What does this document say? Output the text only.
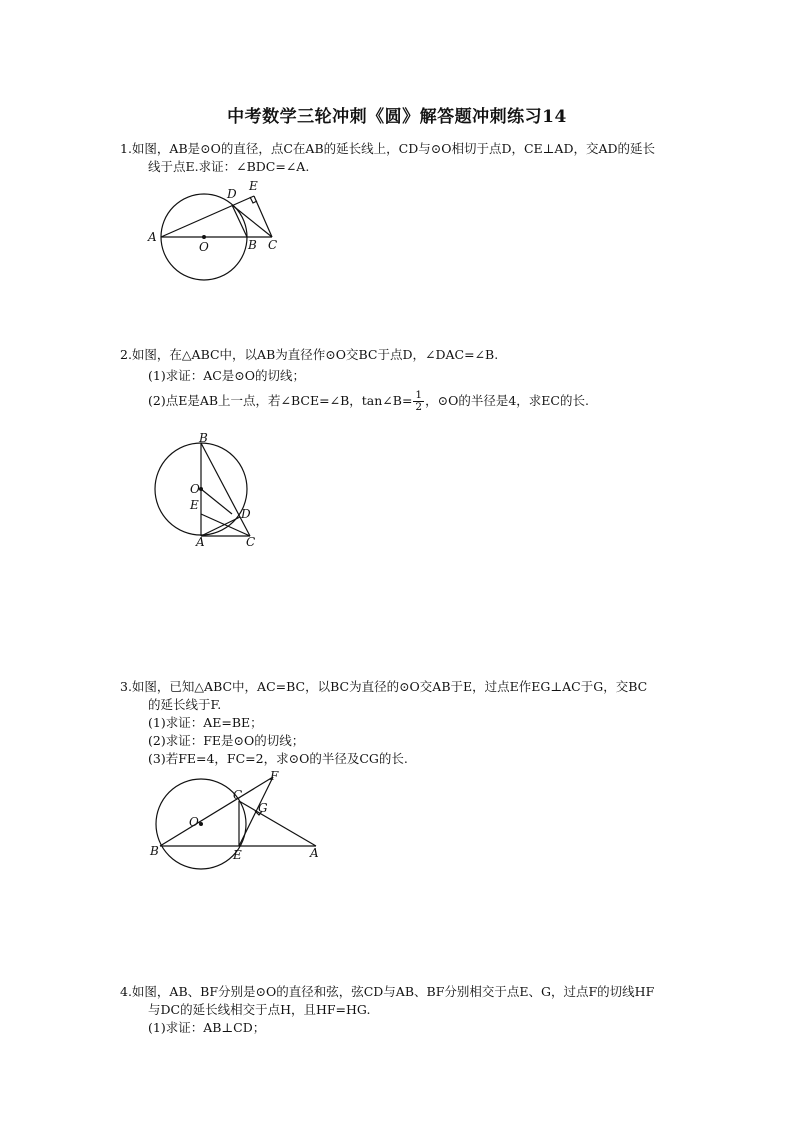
中考数学三轮冲刺《圆》解答题冲刺练习14
1.如图，AB是⊙O的直径，点C在AB的延长线上，CD与⊙O相切于点D，CE⊥AD，交AD的延长
线于点E.求证：∠BDC=∠A.
A
O	B C
D
E
2.如图，在△ABC中，以AB为直径作⊙O交BC于点D，∠DAC=∠B.
(1)求证：AC是⊙O的切线；
(2)点E是AB上一点，若∠BCE=∠B，tan∠B= $\frac{1}{2}$ ，⊙O的半径是4，求EC的长.
B
O
E
D
A	C
3.如图，已知△ABC中，AC=BC，以BC为直径的⊙O交AB于E，过点E作EG⊥AC于G，交BC
的延长线于F.
(1)求证：AE=BE；
(2)求证：FE是⊙O的切线；
(3)若FE=4，FC=2，求⊙O的半径及CG的长.
F
C
G
O
B	E	A
4.如图，AB、BF分别是⊙O的直径和弦，弦CD与AB、BF分别相交于点E、G，过点F的切线HF
与DC的延长线相交于点H，且HF=HG.
(1)求证：AB⊥CD；
